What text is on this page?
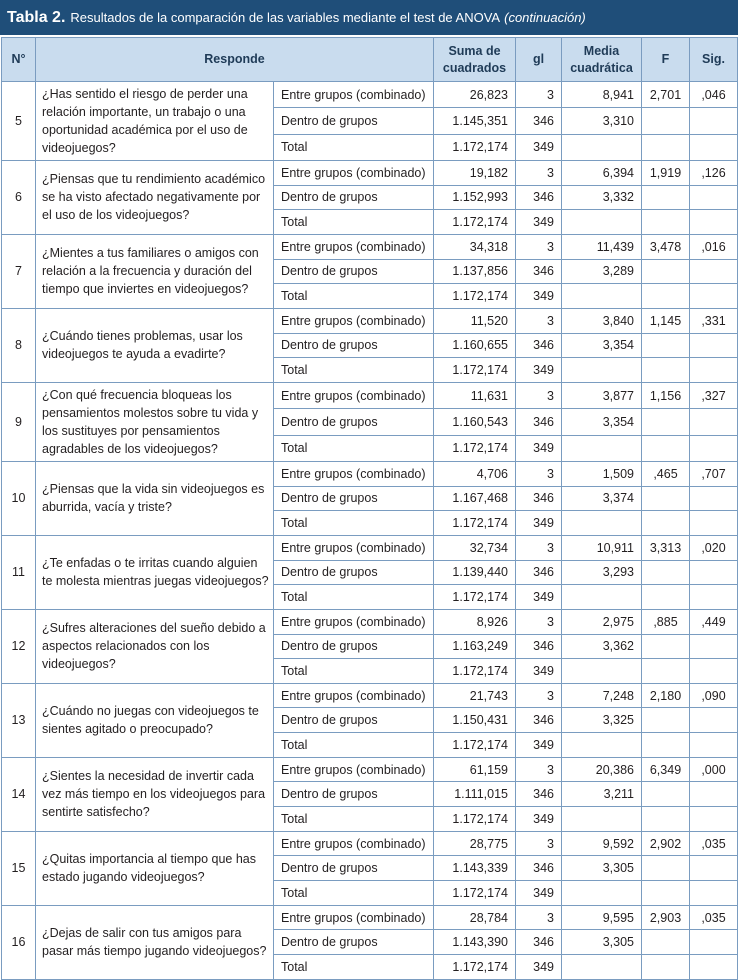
Tabla 2. Resultados de la comparación de las variables mediante el test de ANOVA (continuación)
N°	Responde		Suma de cuadrados	gl	Media cuadrática	F	Sig.
5	¿Has sentido el riesgo de perder una relación importante, un trabajo o una oportunidad académica por el uso de videojuegos?	Entre grupos (combinado)	26,823	3	8,941	2,701	,046
		Dentro de grupos	1.145,351	346	3,310		
		Total	1.172,174	349			
6	¿Piensas que tu rendimiento académico se ha visto afectado negativamente por el uso de los videojuegos?	Entre grupos (combinado)	19,182	3	6,394	1,919	,126
		Dentro de grupos	1.152,993	346	3,332		
		Total	1.172,174	349			
7	¿Mientes a tus familiares o amigos con relación a la frecuencia y duración del tiempo que inviertes en videojuegos?	Entre grupos (combinado)	34,318	3	11,439	3,478	,016
		Dentro de grupos	1.137,856	346	3,289		
		Total	1.172,174	349			
8	¿Cuándo tienes problemas, usar los videojuegos te ayuda a evadirte?	Entre grupos (combinado)	11,520	3	3,840	1,145	,331
		Dentro de grupos	1.160,655	346	3,354		
		Total	1.172,174	349			
9	¿Con qué frecuencia bloqueas los pensamientos molestos sobre tu vida y los sustituyes por pensamientos agradables de los videojuegos?	Entre grupos (combinado)	11,631	3	3,877	1,156	,327
		Dentro de grupos	1.160,543	346	3,354		
		Total	1.172,174	349			
10	¿Piensas que la vida sin videojuegos es aburrida, vacía y triste?	Entre grupos (combinado)	4,706	3	1,509	,465	,707
		Dentro de grupos	1.167,468	346	3,374		
		Total	1.172,174	349			
11	¿Te enfadas o te irritas cuando alguien te molesta mientras juegas videojuegos?	Entre grupos (combinado)	32,734	3	10,911	3,313	,020
		Dentro de grupos	1.139,440	346	3,293		
		Total	1.172,174	349			
12	¿Sufres alteraciones del sueño debido a aspectos relacionados con los videojuegos?	Entre grupos (combinado)	8,926	3	2,975	,885	,449
		Dentro de grupos	1.163,249	346	3,362		
		Total	1.172,174	349			
13	¿Cuándo no juegas con videojuegos te sientes agitado o preocupado?	Entre grupos (combinado)	21,743	3	7,248	2,180	,090
		Dentro de grupos	1.150,431	346	3,325		
		Total	1.172,174	349			
14	¿Sientes la necesidad de invertir cada vez más tiempo en los videojuegos para sentirte satisfecho?	Entre grupos (combinado)	61,159	3	20,386	6,349	,000
		Dentro de grupos	1.111,015	346	3,211		
		Total	1.172,174	349			
15	¿Quitas importancia al tiempo que has estado jugando videojuegos?	Entre grupos (combinado)	28,775	3	9,592	2,902	,035
		Dentro de grupos	1.143,339	346	3,305		
		Total	1.172,174	349			
16	¿Dejas de salir con tus amigos para pasar más tiempo jugando videojuegos?	Entre grupos (combinado)	28,784	3	9,595	2,903	,035
		Dentro de grupos	1.143,390	346	3,305		
		Total	1.172,174	349			
